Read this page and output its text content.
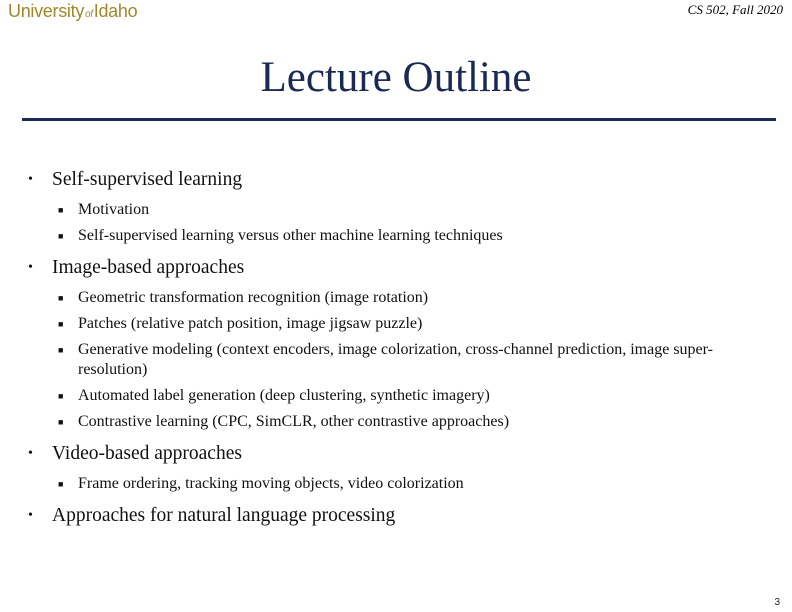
UniversityofIdaho	CS 502, Fall 2020
Lecture Outline
• Self-supervised learning
■ Motivation
■ Self-supervised learning versus other machine learning techniques
• Image-based approaches
■ Geometric transformation recognition (image rotation)
■ Patches (relative patch position, image jigsaw puzzle)
■ Generative modeling (context encoders, image colorization, cross-channel prediction, image super-resolution)
■ Automated label generation (deep clustering, synthetic imagery)
■ Contrastive learning (CPC, SimCLR, other contrastive approaches)
• Video-based approaches
■ Frame ordering, tracking moving objects, video colorization
• Approaches for natural language processing
3
